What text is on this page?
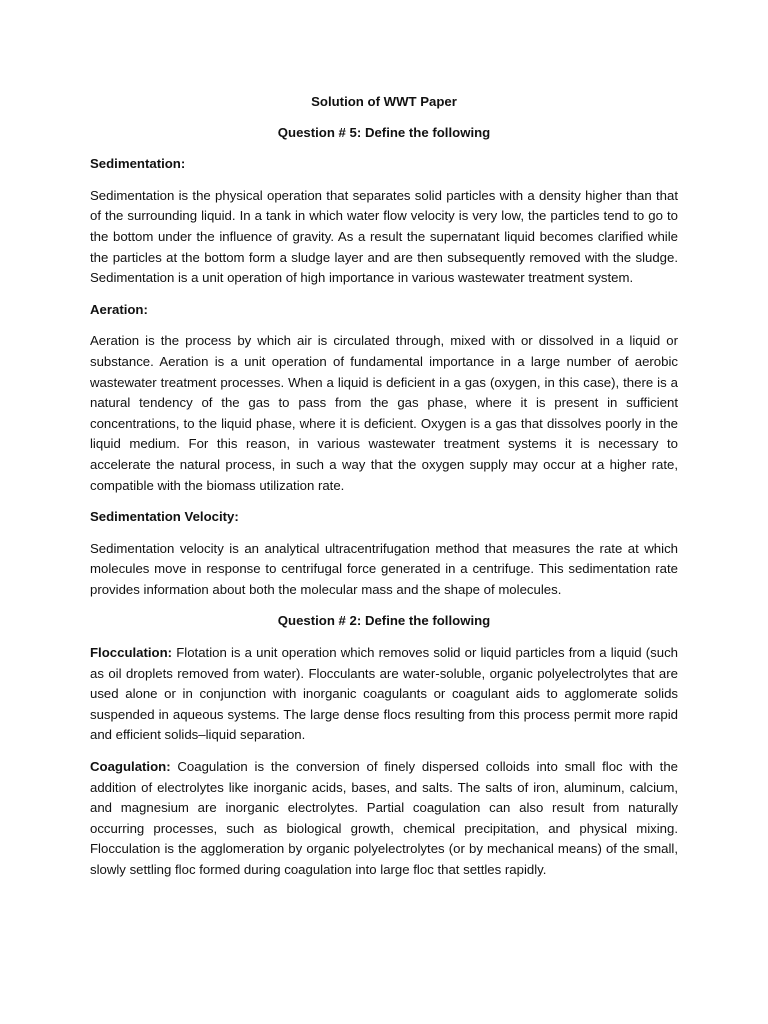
Solution of WWT Paper

Question # 5: Define the following

Sedimentation:

Sedimentation is the physical operation that separates solid particles with a density higher than that of the surrounding liquid. In a tank in which water flow velocity is very low, the particles tend to go to the bottom under the influence of gravity. As a result the supernatant liquid becomes clarified while the particles at the bottom form a sludge layer and are then subsequently removed with the sludge. Sedimentation is a unit operation of high importance in various wastewater treatment system.

Aeration:

Aeration is the process by which air is circulated through, mixed with or dissolved in a liquid or substance. Aeration is a unit operation of fundamental importance in a large number of aerobic wastewater treatment processes. When a liquid is deficient in a gas (oxygen, in this case), there is a natural tendency of the gas to pass from the gas phase, where it is present in sufficient concentrations, to the liquid phase, where it is deficient. Oxygen is a gas that dissolves poorly in the liquid medium. For this reason, in various wastewater treatment systems it is necessary to accelerate the natural process, in such a way that the oxygen supply may occur at a higher rate, compatible with the biomass utilization rate.

Sedimentation Velocity:

Sedimentation velocity is an analytical ultracentrifugation method that measures the rate at which molecules move in response to centrifugal force generated in a centrifuge. This sedimentation rate provides information about both the molecular mass and the shape of molecules.

Question # 2: Define the following

Flocculation: Flotation is a unit operation which removes solid or liquid particles from a liquid (such as oil droplets removed from water). Flocculants are water-soluble, organic polyelectrolytes that are used alone or in conjunction with inorganic coagulants or coagulant aids to agglomerate solids suspended in aqueous systems. The large dense flocs resulting from this process permit more rapid and efficient solids–liquid separation.

Coagulation: Coagulation is the conversion of finely dispersed colloids into small floc with the addition of electrolytes like inorganic acids, bases, and salts. The salts of iron, aluminum, calcium, and magnesium are inorganic electrolytes. Partial coagulation can also result from naturally occurring processes, such as biological growth, chemical precipitation, and physical mixing. Flocculation is the agglomeration by organic polyelectrolytes (or by mechanical means) of the small, slowly settling floc formed during coagulation into large floc that settles rapidly.
